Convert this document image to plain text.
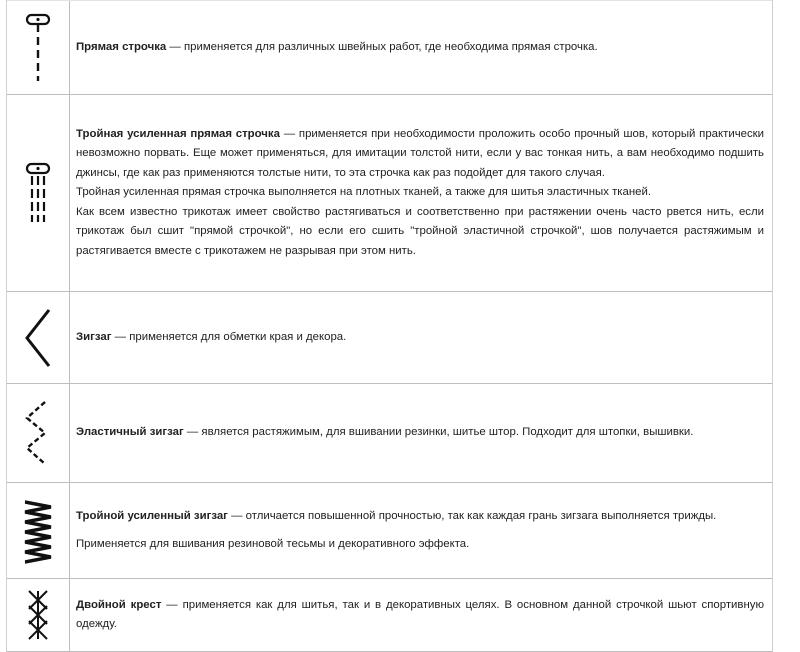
Прямая строчка — применяется для различных швейных работ, где необходима прямая строчка.

Тройная усиленная прямая строчка — применяется при необходимости проложить особо прочный шов, который практически невозможно порвать. Еще может применяться, для имитации толстой нити, если у вас тонкая нить, а вам необходимо подшить джинсы, где как раз применяются толстые нити, то эта строчка как раз подойдет для такого случая.

Тройная усиленная прямая строчка выполняется на плотных тканей, а также для шитья эластичных тканей.

Как всем известно трикотаж имеет свойство растягиваться и соответственно при растяжении очень часто рвется нить, если трикотаж был сшит "прямой строчкой", но если его сшить "тройной эластичной строчкой", шов получается растяжимым и растягивается вместе с трикотажем не разрывая при этом нить.

Зигзаг — применяется для обметки края и декора.

Эластичный зигзаг — является растяжимым, для вшивании резинки, шитье штор. Подходит для штопки, вышивки.

Тройной усиленный зигзаг — отличается повышенной прочностью, так как каждая грань зигзага выполняется трижды.

Применяется для вшивания резиновой тесьмы и декоративного эффекта.

Двойной крест — применяется как для шитья, так и в декоративных целях. В основном данной строчкой шьют спортивную одежду.
